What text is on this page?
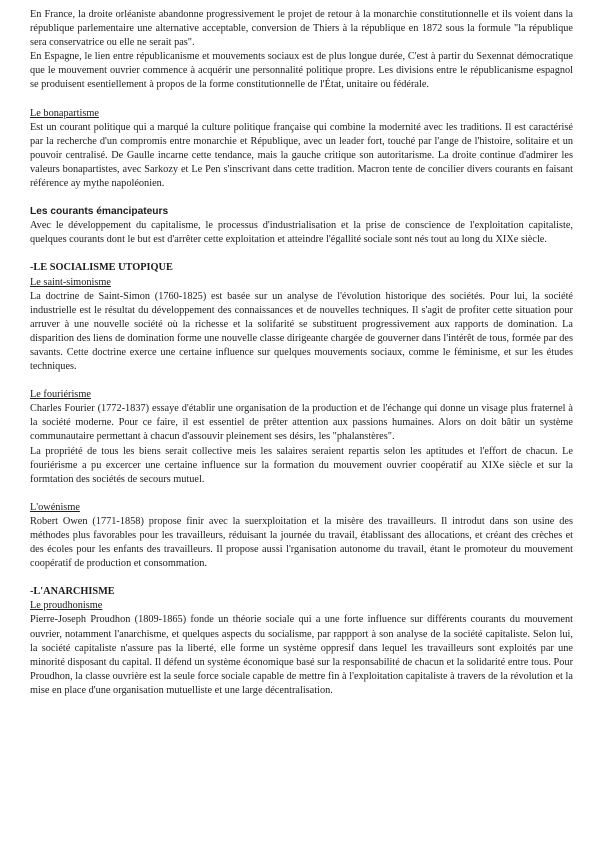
En France, la droite orléaniste abandonne progressivement le projet de retour à la monarchie constitutionnelle et ils voient dans la république parlementaire une alternative acceptable, conversion de Thiers à la république en 1872 sous la formule "la république sera conservatrice ou elle ne serait pas".

En Espagne, le lien entre républicanisme et mouvements sociaux est de plus longue durée, C'est à partir du Sexennat démocratique que le mouvement ouvrier commence à acquérir une personnalité politique propre. Les divisions entre le républicanisme espagnol se produisent esentiellement à propos de la forme constitutionnelle de l'État, unitaire ou fédérale.

Le bonapartisme

Est un courant politique qui a marqué la culture politique française qui combine la modernité avec les traditions. Il est caractérisé par la recherche d'un compromis entre monarchie et République, avec un leader fort, touché par l'ange de l'histoire, solitaire et un pouvoir centralisé. De Gaulle incarne cette tendance, mais la gauche critique son autoritarisme. La droite continue d'admirer les valeurs bonapartistes, avec Sarkozy et Le Pen s'inscrivant dans cette tradition. Macron tente de concilier divers courants en faisant référence ay mythe napoléonien.

Les courants émancipateurs

Avec le développement du capitalisme, le processus d'industrialisation et la prise de conscience de l'exploitation capitaliste, quelques courants dont le but est d'arrêter cette exploitation et atteindre l'égallité sociale sont nés tout au long du XIXe siècle.

-LE SOCIALISME UTOPIQUE

Le saint-simonisme

La doctrine de Saint-Simon (1760-1825) est basée sur un analyse de l'évolution historique des sociétés. Pour lui, la société industrielle est le résultat du développement des connaissances et de nouvelles techniques. Il s'agit de profiter cette situation pour arruver à une nouvelle société où la richesse et la solifarité se substituent progressivement aux rapports de domination. La disparition des liens de domination forme une nouvelle classe dirigeante chargée de gouverner dans l'intérêt de tous, formée par des savants. Cette doctrine exerce une certaine influence sur quelques mouvements sociaux, comme le féminisme, et sur les études techniques.

Le fouriérisme

Charles Fourier (1772-1837) essaye d'établir une organisation de la production et de l'échange qui donne un visage plus fraternel à la société moderne. Pour ce faire, il est essentiel de prêter attention aux passions humaines. Alors on doit bâtir un système communautaire permettant à chacun d'assouvir pleinement ses désirs, les "phalanstères".

La propriété de tous les biens serait collective meis les salaires seraient repartis selon les aptitudes et l'effort de chacun. Le fouriérisme a pu excercer une certaine influence sur la formation du mouvement ouvrier coopératif au XIXe siècle et sur la formtation des sociétés de secours mutuel.

L'owénisme

Robert Owen (1771-1858) propose finir avec la suerxploitation et la misère des travailleurs. Il introdut dans son usine des méthodes plus favorables pour les travailleurs, réduisant la journée du travail, établissant des allocations, et créant des crèches et des écoles pour les enfants des travailleurs. Il propose aussi l'rganisation autonome du travail, étant le promoteur du mouvement coopératif de production et consommation.

-L'ANARCHISME

Le proudhonisme

Pierre-Joseph Proudhon (1809-1865) fonde un théorie sociale qui a une forte influence sur différents courants du mouvement ouvrier, notamment l'anarchisme, et quelques aspects du socialisme, par rappport à son analyse de la société capitaliste. Selon lui, la société capitaliste n'assure pas la liberté, elle forme un système oppresif dans lequel les travailleurs sont exploités par une minorité disposant du capital. Il défend un système économique basé sur la responsabilité de chacun et la solidarité entre tous. Pour Proudhon, la classe ouvrière est la seule force sociale capable de mettre fin à l'exploitation capitaliste à travers de la révolution et la mise en place d'une organisation mutuelliste et une large décentralisation.
